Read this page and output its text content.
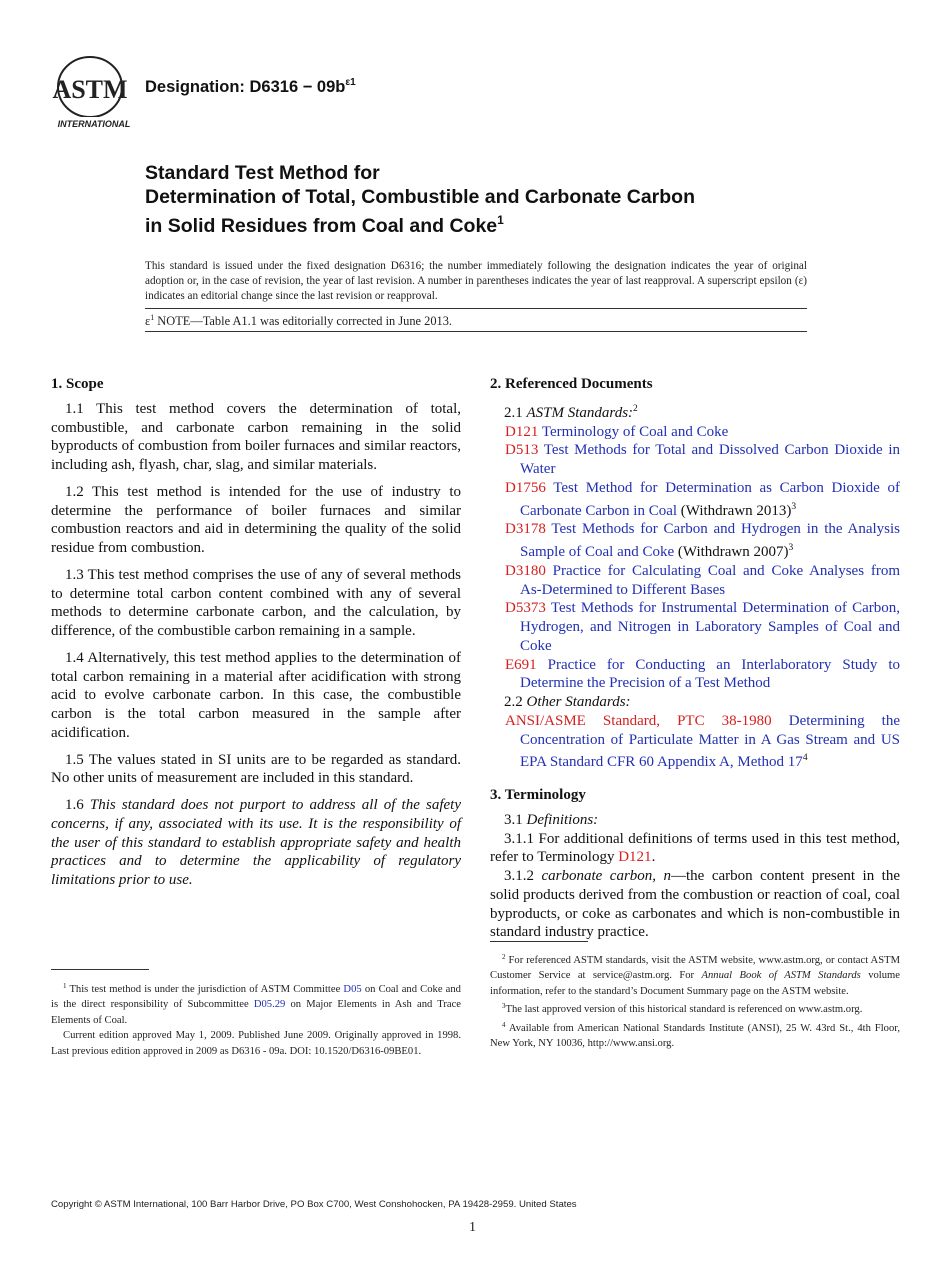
ASTM
INTERNATIONAL
Designation: $D6316 - 09b^{\varepsilon 1}$
Standard Test Method for
Determination of Total, Combustible and Carbonate Carbon
in Solid Residues from Coal and Coke$^1$
This standard is issued under the fixed designation D6316; the number immediately following the designation indicates the year of original adoption or, in the case of revision, the year of last revision. A number in parentheses indicates the year of last reapproval. A superscript epsilon (ε) indicates an editorial change since the last revision or reapproval.
$\varepsilon^1$ NOTE—Table A1.1 was editorially corrected in June 2013.
1. Scope

1.1 This test method covers the determination of total, combustible, and carbonate carbon remaining in the solid byproducts of combustion from boiler furnaces and similar reactors, including ash, flyash, char, slag, and similar materials.

1.2 This test method is intended for the use of industry to determine the performance of boiler furnaces and similar combustion reactors and aid in determining the quality of the solid residue from combustion.

1.3 This test method comprises the use of any of several methods to determine total carbon content combined with any of several methods to determine carbonate carbon, and the calculation, by difference, of the combustible carbon remaining in a sample.

1.4 Alternatively, this test method applies to the determination of total carbon remaining in a material after acidification with strong acid to evolve carbonate carbon. In this case, the combustible carbon is the total carbon measured in the sample after acidification.

1.5 The values stated in SI units are to be regarded as standard. No other units of measurement are included in this standard.

1.6 This standard does not purport to address all of the safety concerns, if any, associated with its use. It is the responsibility of the user of this standard to establish appropriate safety and health practices and to determine the applicability of regulatory limitations prior to use.

2. Referenced Documents
2.1 ASTM Standards:$^2$
D121 Terminology of Coal and Coke
D513 Test Methods for Total and Dissolved Carbon Dioxide in Water
D1756 Test Method for Determination as Carbon Dioxide of Carbonate Carbon in Coal (Withdrawn 2013)$^3$
D3178 Test Methods for Carbon and Hydrogen in the Analysis Sample of Coal and Coke (Withdrawn 2007)$^3$
D3180 Practice for Calculating Coal and Coke Analyses from As-Determined to Different Bases
D5373 Test Methods for Instrumental Determination of Carbon, Hydrogen, and Nitrogen in Laboratory Samples of Coal and Coke
E691 Practice for Conducting an Interlaboratory Study to Determine the Precision of a Test Method
2.2 Other Standards:
ANSI/ASME Standard, PTC 38-1980 Determining the Concentration of Particulate Matter in A Gas Stream and US EPA Standard CFR 60 Appendix A, Method $17^4$
3. Terminology
3.1 Definitions:

3.1.1 For additional definitions of terms used in this test method, refer to Terminology D121.

3.1.2 carbonate carbon, n—the carbon content present in the solid products derived from the combustion or reaction of coal, coal byproducts, or coke as carbonates and which is non-combustible in standard industry practice.

$^1$ This test method is under the jurisdiction of ASTM Committee D05 on Coal and Coke and is the direct responsibility of Subcommittee D05.29 on Major Elements in Ash and Trace Elements of Coal.

Current edition approved May 1, 2009. Published June 2009. Originally approved in 1998. Last previous edition approved in 2009 as D6316 - 09a. DOI: 10.1520/D6316-09BE01.

$^2$ For referenced ASTM standards, visit the ASTM website, www.astm.org, or contact ASTM Customer Service at service@astm.org. For Annual Book of ASTM Standards volume information, refer to the standard’s Document Summary page on the ASTM website.

$^3$The last approved version of this historical standard is referenced on www.astm.org.

$^4$ Available from American National Standards Institute (ANSI), 25 W. 43rd St., 4th Floor, New York, NY 10036, http://www.ansi.org.

Copyright © ASTM International, 100 Barr Harbor Drive, PO Box C700, West Conshohocken, PA 19428-2959. United States
1
